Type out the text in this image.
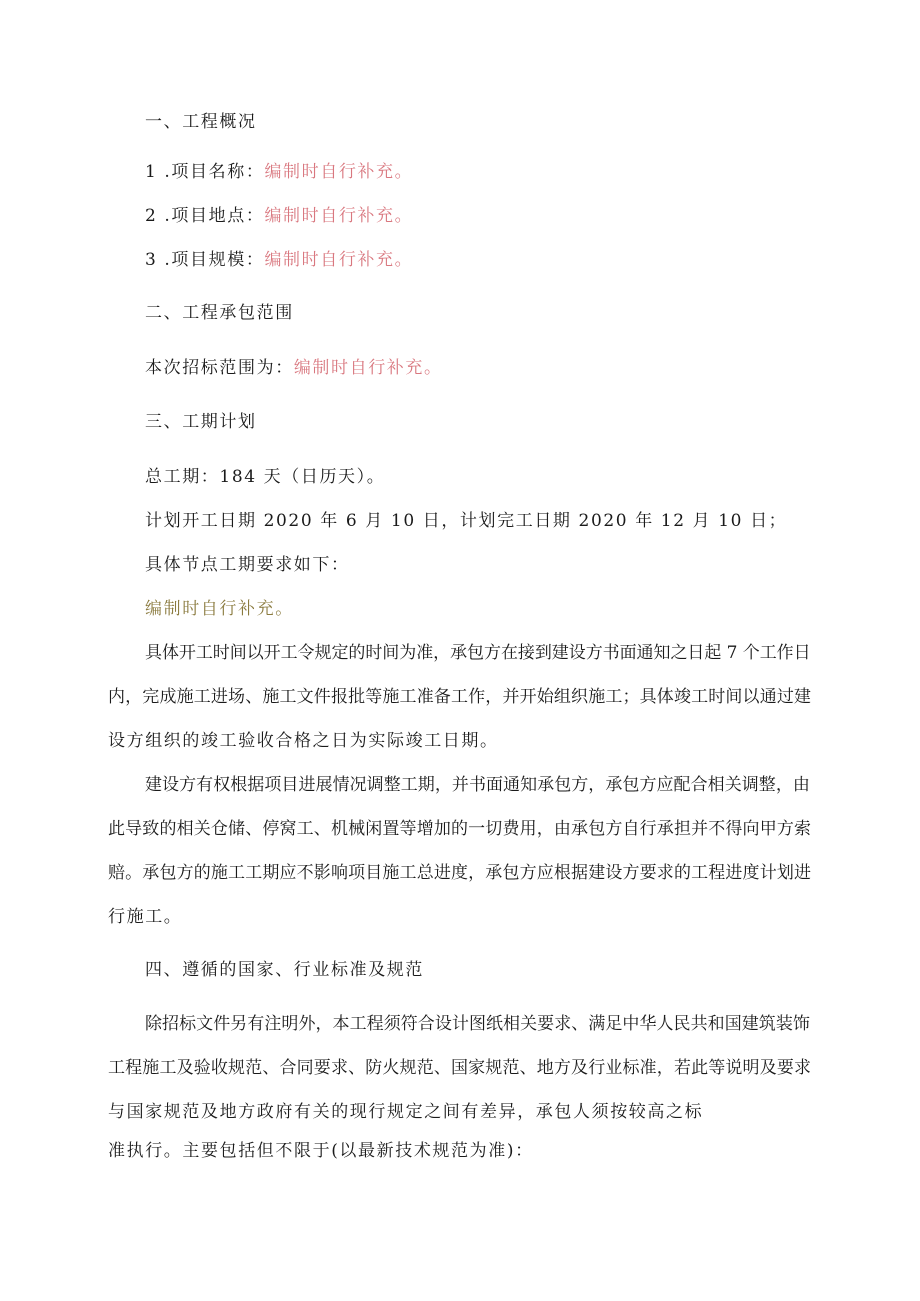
一、工程概况
1 .项目名称：编制时自行补充。
2 .项目地点：编制时自行补充。
3 .项目规模：编制时自行补充。
二、工程承包范围
本次招标范围为：编制时自行补充。
三、工期计划
总工期：184 天（日历天）。
计划开工日期 2020 年 6 月 10 日，计划完工日期 2020 年 12 月 10 日；
具体节点工期要求如下：
编制时自行补充。
具体开工时间以开工令规定的时间为准，承包方在接到建设方书面通知之日起 7 个工作日
内，完成施工进场、施工文件报批等施工准备工作，并开始组织施工；具体竣工时间以通过建
设方组织的竣工验收合格之日为实际竣工日期。
建设方有权根据项目进展情况调整工期，并书面通知承包方，承包方应配合相关调整，由
此导致的相关仓储、停窝工、机械闲置等增加的一切费用，由承包方自行承担并不得向甲方索
赔。承包方的施工工期应不影响项目施工总进度，承包方应根据建设方要求的工程进度计划进
行施工。
四、遵循的国家、行业标准及规范
除招标文件另有注明外，本工程须符合设计图纸相关要求、满足中华人民共和国建筑装饰
工程施工及验收规范、合同要求、防火规范、国家规范、地方及行业标准，若此等说明及要求
与国家规范及地方政府有关的现行规定之间有差异，承包人须按较高之标
准执行。主要包括但不限于(以最新技术规范为准)：
